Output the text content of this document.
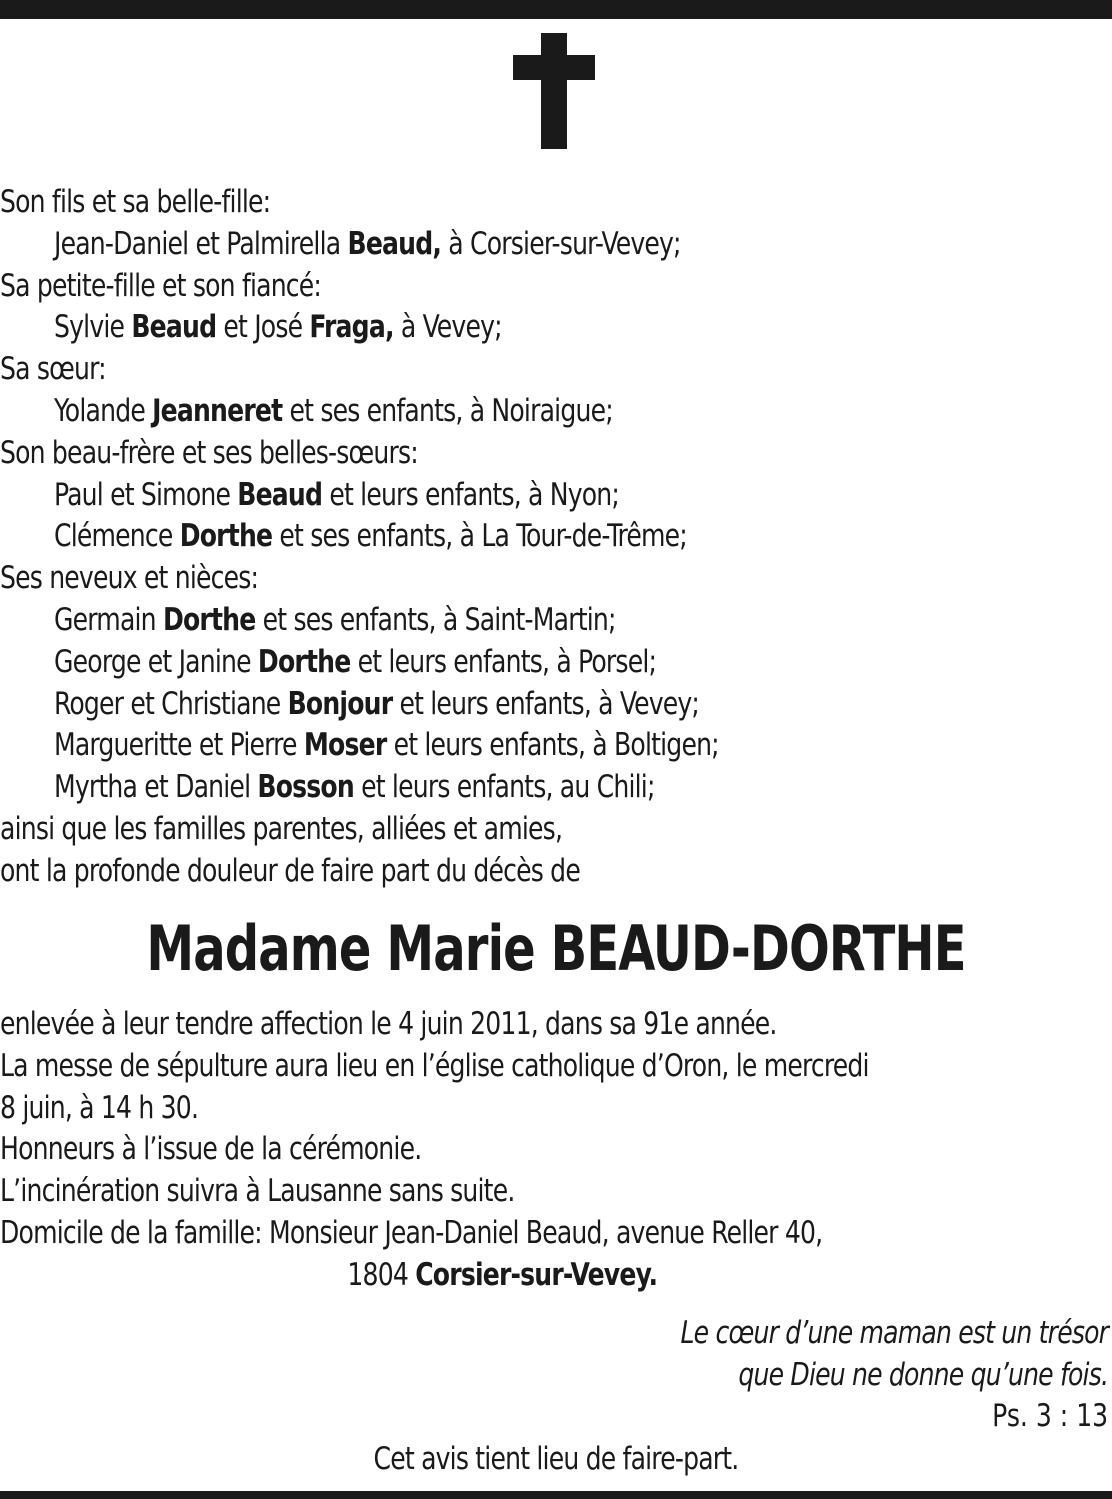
Son fils et sa belle-fille:
Jean-Daniel et Palmirella Beaud, à Corsier-sur-Vevey;
Sa petite-fille et son fiancé:
Sylvie Beaud et José Fraga, à Vevey;
Sa sœur:
Yolande Jeanneret et ses enfants, à Noiraigue;
Son beau-frère et ses belles-sœurs:
Paul et Simone Beaud et leurs enfants, à Nyon;
Clémence Dorthe et ses enfants, à La Tour-de-Trême;
Ses neveux et nièces:
Germain Dorthe et ses enfants, à Saint-Martin;
George et Janine Dorthe et leurs enfants, à Porsel;
Roger et Christiane Bonjour et leurs enfants, à Vevey;
Margueritte et Pierre Moser et leurs enfants, à Boltigen;
Myrtha et Daniel Bosson et leurs enfants, au Chili;
ainsi que les familles parentes, alliées et amies,
ont la profonde douleur de faire part du décès de
Madame Marie BEAUD-DORTHE
enlevée à leur tendre affection le 4 juin 2011, dans sa 91e année.
La messe de sépulture aura lieu en l’église catholique d’Oron, le mercredi
8 juin, à 14 h 30.
Honneurs à l’issue de la cérémonie.
L’incinération suivra à Lausanne sans suite.
Domicile de la famille: Monsieur Jean-Daniel Beaud, avenue Reller 40,
1804 Corsier-sur-Vevey.
Le cœur d’une maman est un trésor
que Dieu ne donne qu’une fois.
Ps. 3 : 13
Cet avis tient lieu de faire-part.
